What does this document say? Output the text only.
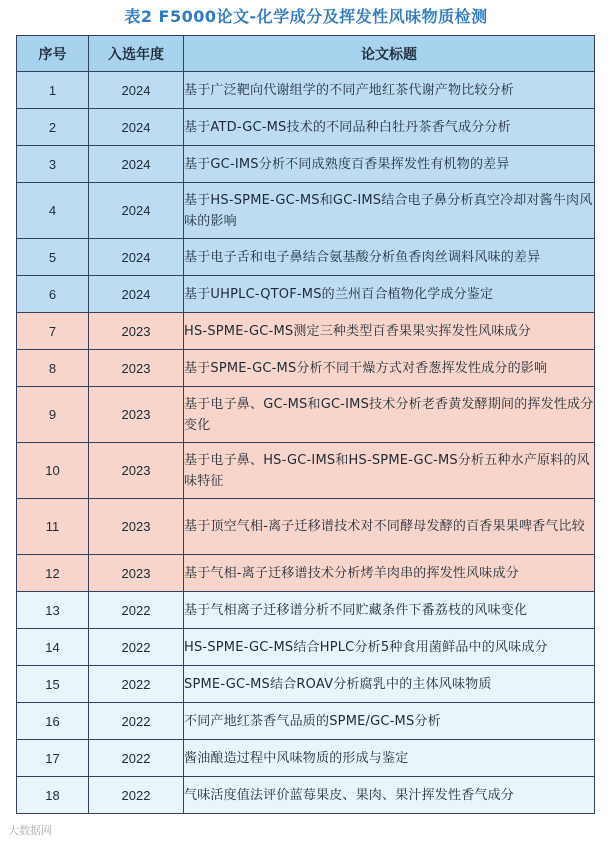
表2 F5000论文-化学成分及挥发性风味物质检测
序号	入选年度	论文标题
1	2024	基于广泛靶向代谢组学的不同产地红茶代谢产物比较分析
2	2024	基于ATD-GC-MS技术的不同品种白牡丹茶香气成分分析
3	2024	基于GC-IMS分析不同成熟度百香果挥发性有机物的差异
4	2024	基于HS-SPME-GC-MS和GC-IMS结合电子鼻分析真空冷却对酱牛肉风味的影响
5	2024	基于电子舌和电子鼻结合氨基酸分析鱼香肉丝调料风味的差异
6	2024	基于UHPLC-QTOF-MS的兰州百合植物化学成分鉴定
7	2023	HS-SPME-GC-MS测定三种类型百香果果实挥发性风味成分
8	2023	基于SPME-GC-MS分析不同干燥方式对香葱挥发性成分的影响
9	2023	基于电子鼻、GC-MS和GC-IMS技术分析老香黄发酵期间的挥发性成分变化
10	2023	基于电子鼻、HS-GC-IMS和HS-SPME-GC-MS分析五种水产原料的风味特征
11	2023	基于顶空气相-离子迁移谱技术对不同酵母发酵的百香果果啤香气比较
12	2023	基于气相-离子迁移谱技术分析烤羊肉串的挥发性风味成分
13	2022	基于气相离子迁移谱分析不同贮藏条件下番荔枝的风味变化
14	2022	HS-SPME-GC-MS结合HPLC分析5种食用菌鲜品中的风味成分
15	2022	SPME-GC-MS结合ROAV分析腐乳中的主体风味物质
16	2022	不同产地红茶香气品质的SPME/GC-MS分析
17	2022	酱油酿造过程中风味物质的形成与鉴定
18	2022	气味活度值法评价蓝莓果皮、果肉、果汁挥发性香气成分
大数据网
